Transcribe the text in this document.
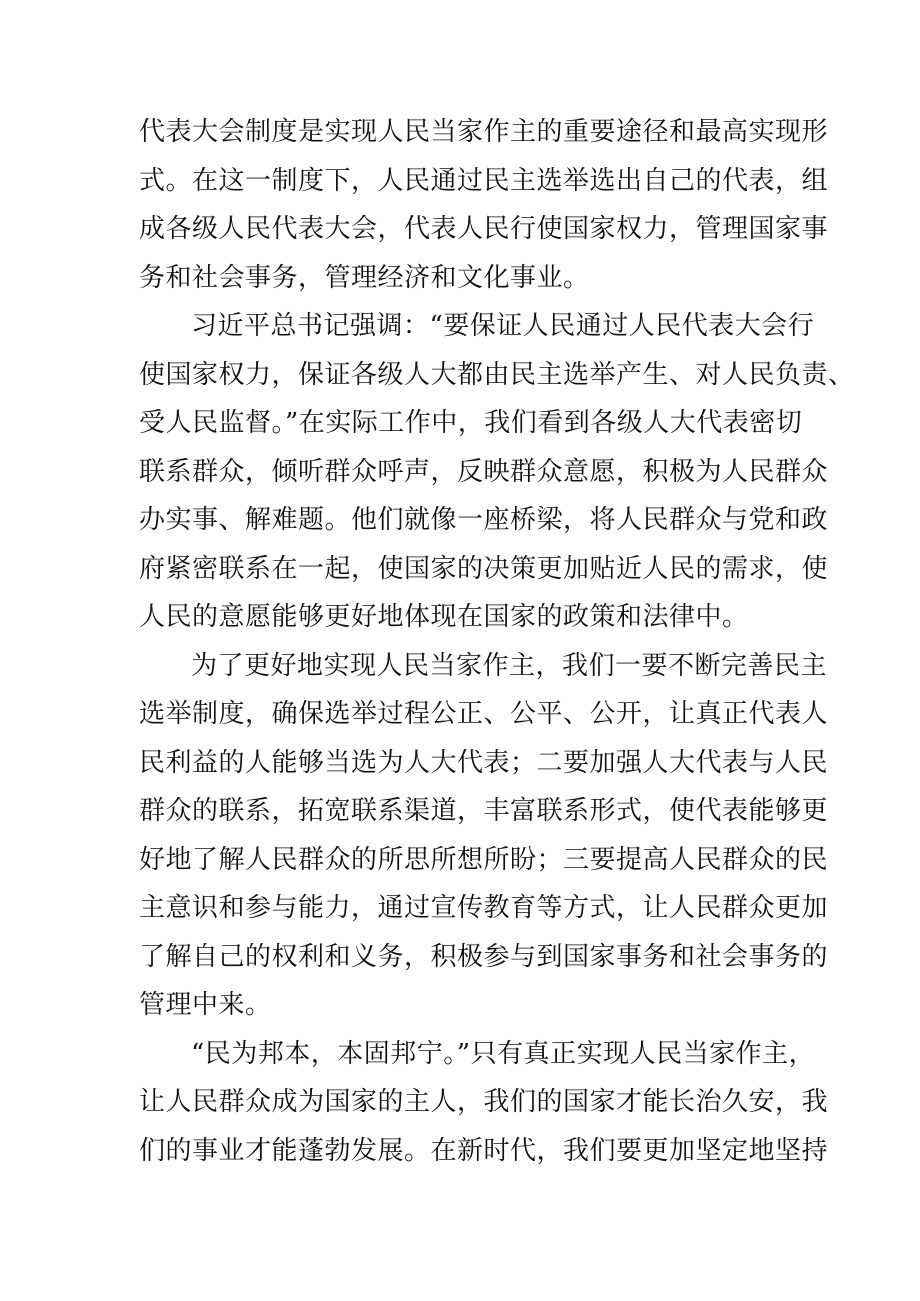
代表大会制度是实现人民当家作主的重要途径和最高实现形
式。在这一制度下，人民通过民主选举选出自己的代表，组
成各级人民代表大会，代表人民行使国家权力，管理国家事
务和社会事务，管理经济和文化事业。
习近平总书记强调：“要保证人民通过人民代表大会行
使国家权力，保证各级人大都由民主选举产生、对人民负责、
受人民监督。”在实际工作中，我们看到各级人大代表密切
联系群众，倾听群众呼声，反映群众意愿，积极为人民群众
办实事、解难题。他们就像一座桥梁，将人民群众与党和政
府紧密联系在一起，使国家的决策更加贴近人民的需求，使
人民的意愿能够更好地体现在国家的政策和法律中。
为了更好地实现人民当家作主，我们一要不断完善民主
选举制度，确保选举过程公正、公平、公开，让真正代表人
民利益的人能够当选为人大代表；二要加强人大代表与人民
群众的联系，拓宽联系渠道，丰富联系形式，使代表能够更
好地了解人民群众的所思所想所盼；三要提高人民群众的民
主意识和参与能力，通过宣传教育等方式，让人民群众更加
了解自己的权利和义务，积极参与到国家事务和社会事务的
管理中来。
“民为邦本，本固邦宁。”只有真正实现人民当家作主，
让人民群众成为国家的主人，我们的国家才能长治久安，我
们的事业才能蓬勃发展。在新时代，我们要更加坚定地坚持
